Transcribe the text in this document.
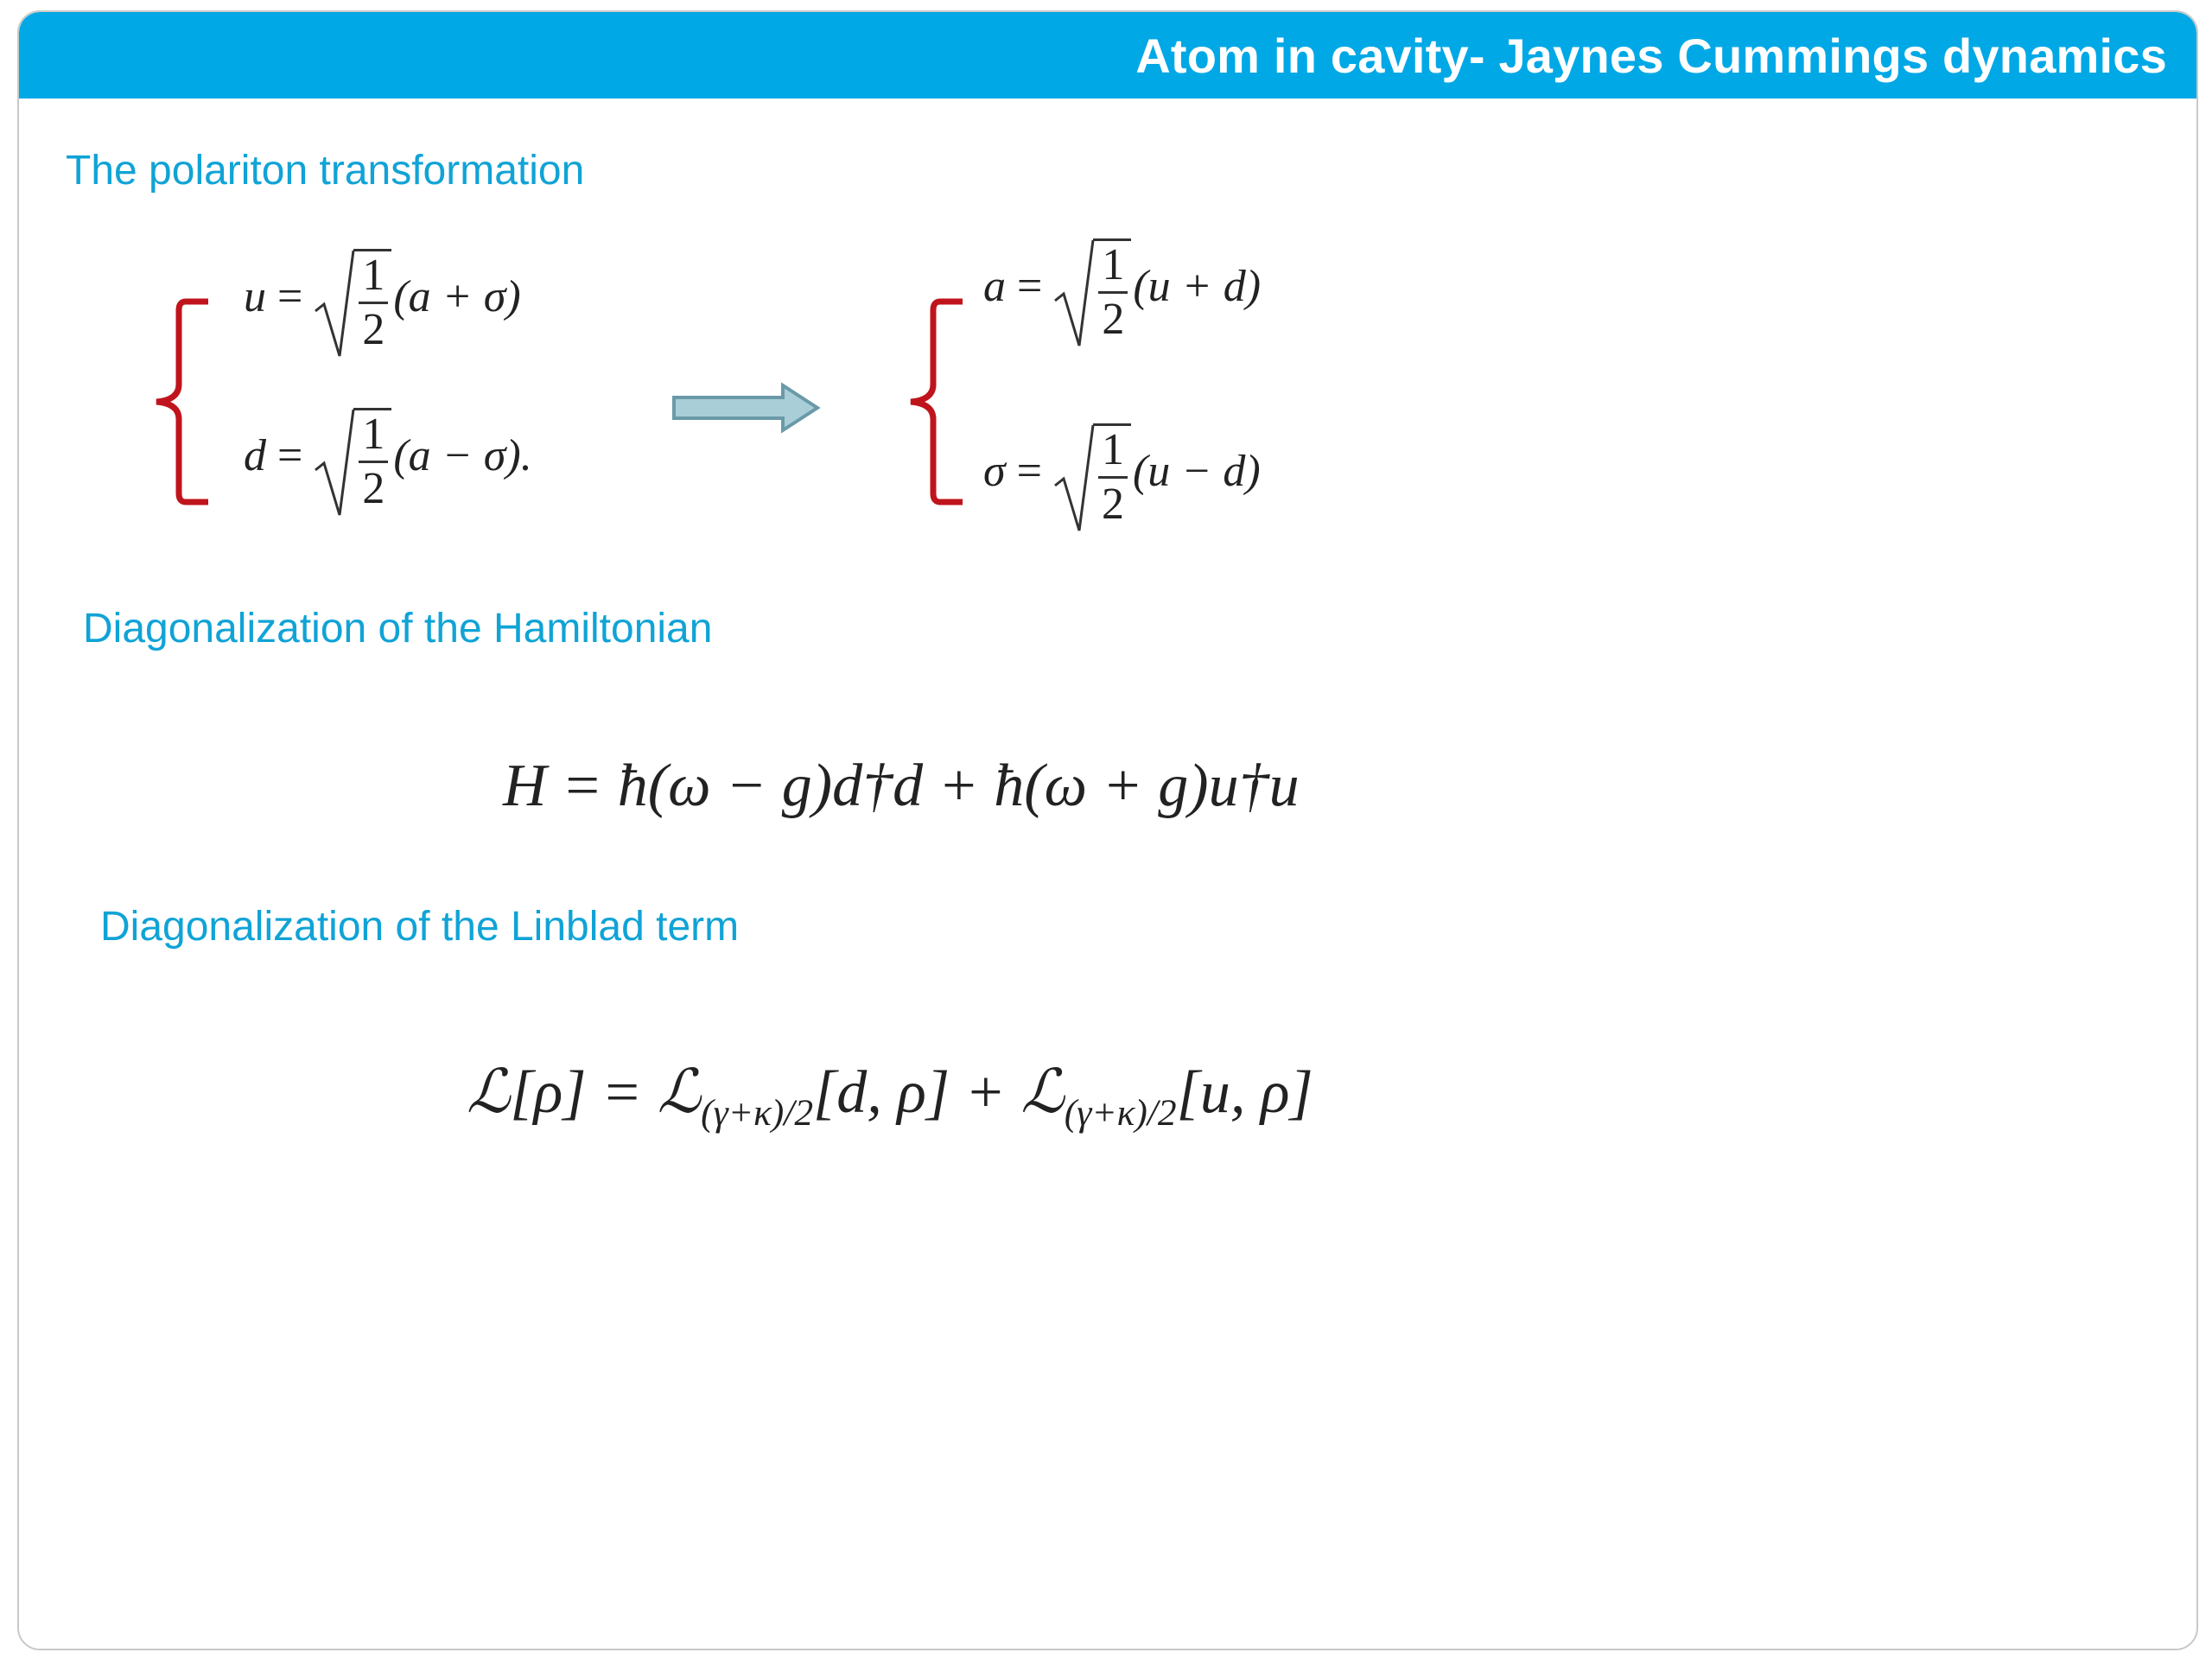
Atom in cavity- Jaynes Cummings dynamics
The polariton transformation
$u = \frac{1}{2} (a + \sigma)$
$d = \frac{1}{2} (a - \sigma)$.
$a = \frac{1}{2} (u + d)$
$\sigma = \frac{1}{2} (u - d)$
Diagonalization of the Hamiltonian
H = ħ(ω − g)d†d + ħ(ω + g)u†u
Diagonalization of the Linblad term
ℒ[ρ] = ℒ$_{(\gamma+\kappa)/2}$[d, ρ] + ℒ$_{(\gamma+\kappa)/2}$[u, ρ]
